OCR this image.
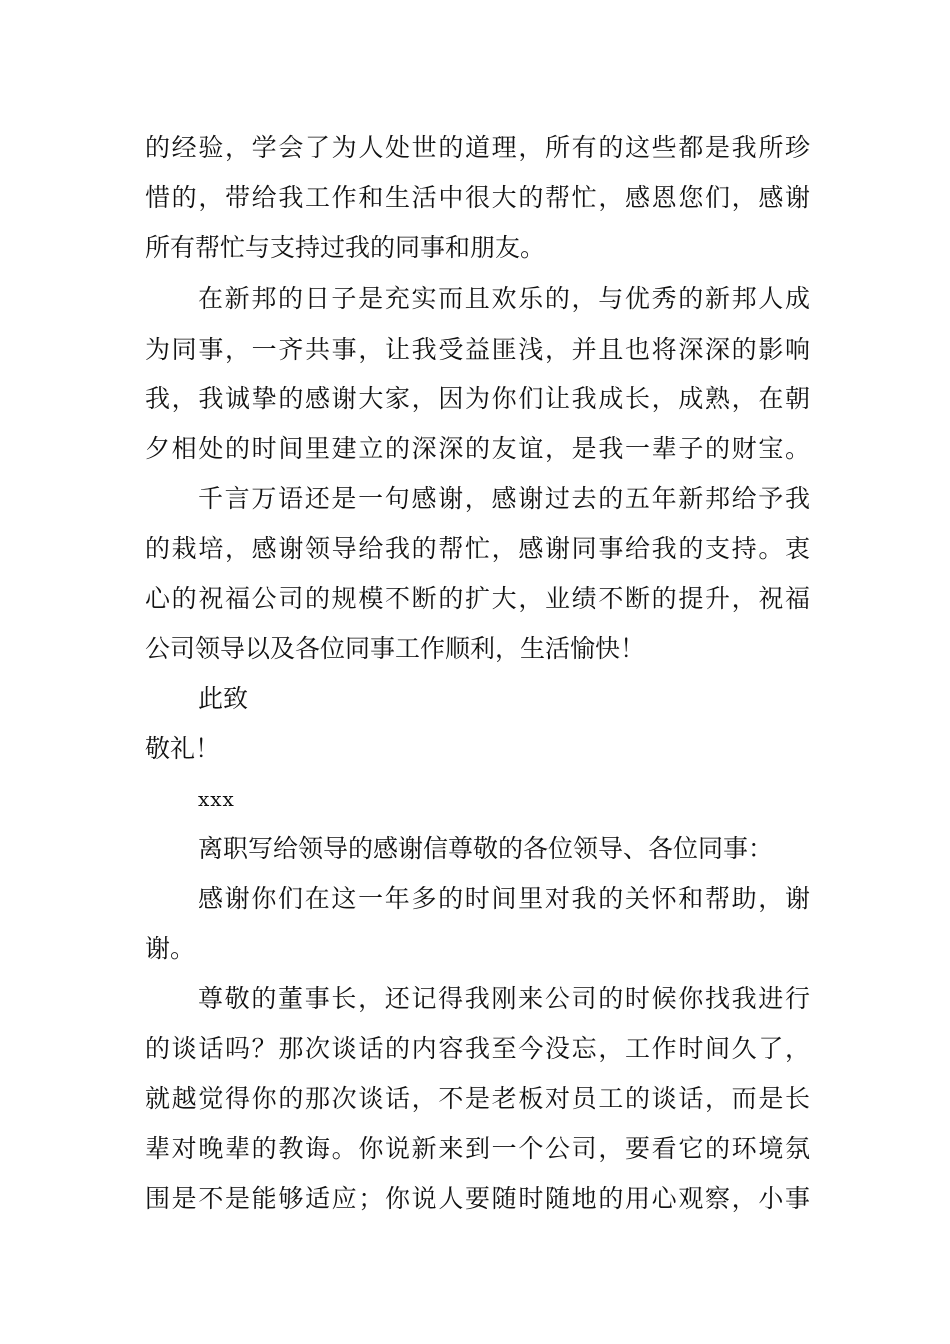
的经验，学会了为人处世的道理，所有的这些都是我所珍

惜的，带给我工作和生活中很大的帮忙，感恩您们，感谢

所有帮忙与支持过我的同事和朋友。

在新邦的日子是充实而且欢乐的，与优秀的新邦人成

为同事，一齐共事，让我受益匪浅，并且也将深深的影响

我，我诚挚的感谢大家，因为你们让我成长，成熟，在朝

夕相处的时间里建立的深深的友谊，是我一辈子的财宝。

千言万语还是一句感谢，感谢过去的五年新邦给予我

的栽培，感谢领导给我的帮忙，感谢同事给我的支持。衷

心的祝福公司的规模不断的扩大，业绩不断的提升，祝福

公司领导以及各位同事工作顺利，生活愉快！

此致

敬礼！

xxx

离职写给领导的感谢信尊敬的各位领导、各位同事：

感谢你们在这一年多的时间里对我的关怀和帮助，谢

谢。

尊敬的董事长，还记得我刚来公司的时候你找我进行

的谈话吗？那次谈话的内容我至今没忘，工作时间久了，

就越觉得你的那次谈话，不是老板对员工的谈话，而是长

辈对晚辈的教诲。你说新来到一个公司，要看它的环境氛

围是不是能够适应；你说人要随时随地的用心观察，小事
